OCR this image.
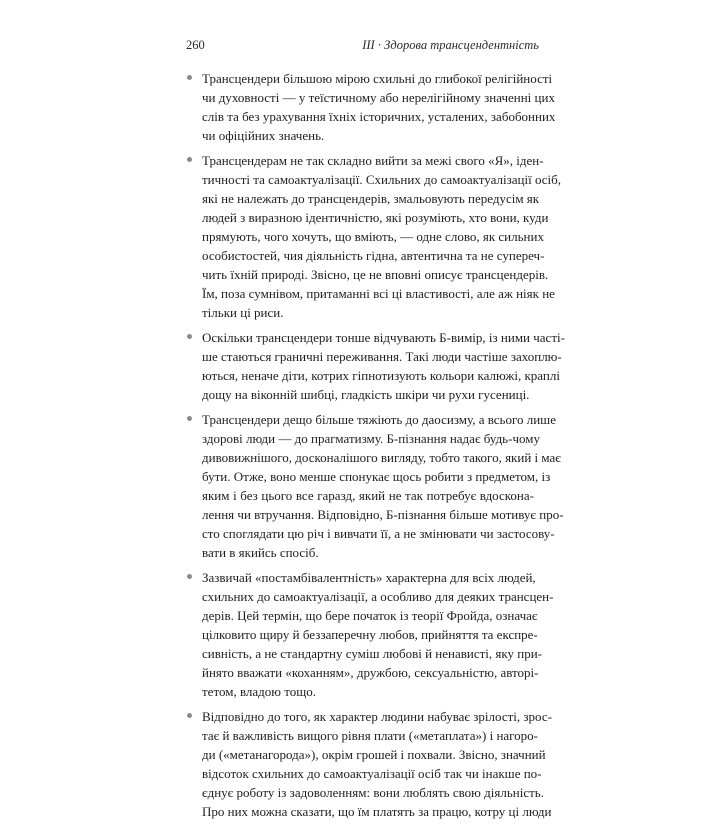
260	III · Здорова трансцендентність
Трансцендери більшою мірою схильні до глибокої релігійності
чи духовності — у теїстичному або нерелігійному значенні цих
слів та без урахування їхніх історичних, усталених, забобонних
чи офіційних значень.
Трансцендерам не так складно вийти за межі свого «Я», іден-
тичності та самоактуалізації. Схильних до самоактуалізації осіб,
які не належать до трансцендерів, змальовують передусім як
людей з виразною ідентичністю, які розуміють, хто вони, куди
прямують, чого хочуть, що вміють, — одне слово, як сильних
особистостей, чия діяльність гідна, автентична та не супереч-
чить їхній природі. Звісно, це не вповні описує трансцендерів.
Їм, поза сумнівом, притаманні всі ці властивості, але аж ніяк не
тільки ці риси.
Оскільки трансцендери тонше відчувають Б-вимір, із ними часті-
ше стаються граничні переживання. Такі люди частіше захоплю-
ються, неначе діти, котрих гіпнотизують кольори калюжі, краплі
дощу на віконній шибці, гладкість шкіри чи рухи гусениці.
Трансцендери дещо більше тяжіють до даосизму, а всього лише
здорові люди — до прагматизму. Б-пізнання надає будь-чому
дивовижнішого, досконалішого вигляду, тобто такого, який і має
бути. Отже, воно менше спонукає щось робити з предметом, із
яким і без цього все гаразд, який не так потребує вдоскона-
лення чи втручання. Відповідно, Б-пізнання більше мотивує про-
сто споглядати цю річ і вивчати її, а не змінювати чи застосову-
вати в якийсь спосіб.
Зазвичай «постамбівалентність» характерна для всіх людей,
схильних до самоактуалізації, а особливо для деяких трансцен-
дерів. Цей термін, що бере початок із теорії Фройда, означає
цілковито щиру й беззаперечну любов, прийняття та експре-
сивність, а не стандартну суміш любові й ненависті, яку при-
йнято вважати «коханням», дружбою, сексуальністю, авторі-
тетом, владою тощо.
Відповідно до того, як характер людини набуває зрілості, зрос-
тає й важливість вищого рівня плати («метаплата») і нагоро-
ди («метанагорода»), окрім грошей і похвали. Звісно, значний
відсоток схильних до самоактуалізації осіб так чи інакше по-
єднує роботу із задоволенням: вони люблять свою діяльність.
Про них можна сказати, що їм платять за працю, котру ці люди
